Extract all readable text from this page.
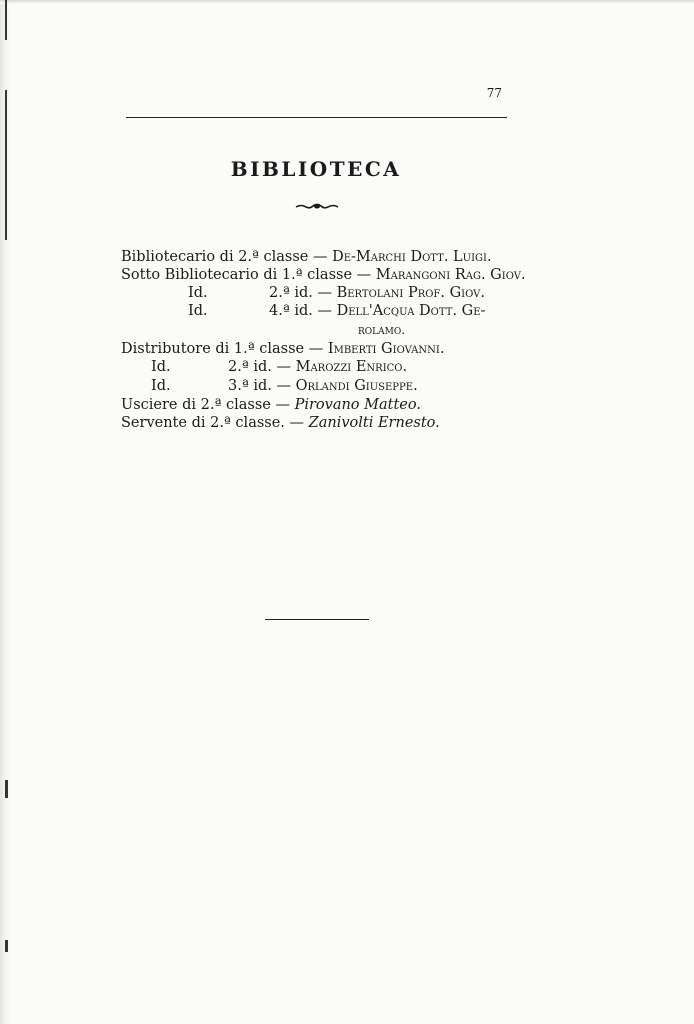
77
BIBLIOTECA
Bibliotecario di 2.ª classe — De-Marchi Dott. Luigi.
Sotto Bibliotecario di 1.ª classe — Marangoni Rag. Giov.
Id.	2.ª id. — Bertolani Prof. Giov.
Id.	4.ª id. — Dell'Acqua Dott. Ge-
rolamo.
Distributore di 1.ª classe — Imberti Giovanni.
Id.	2.ª id. — Marozzi Enrico.
Id.	3.ª id. — Orlandi Giuseppe.
Usciere di 2.ª classe — Pirovano Matteo.
Servente di 2.ª classe. — Zanivolti Ernesto.
